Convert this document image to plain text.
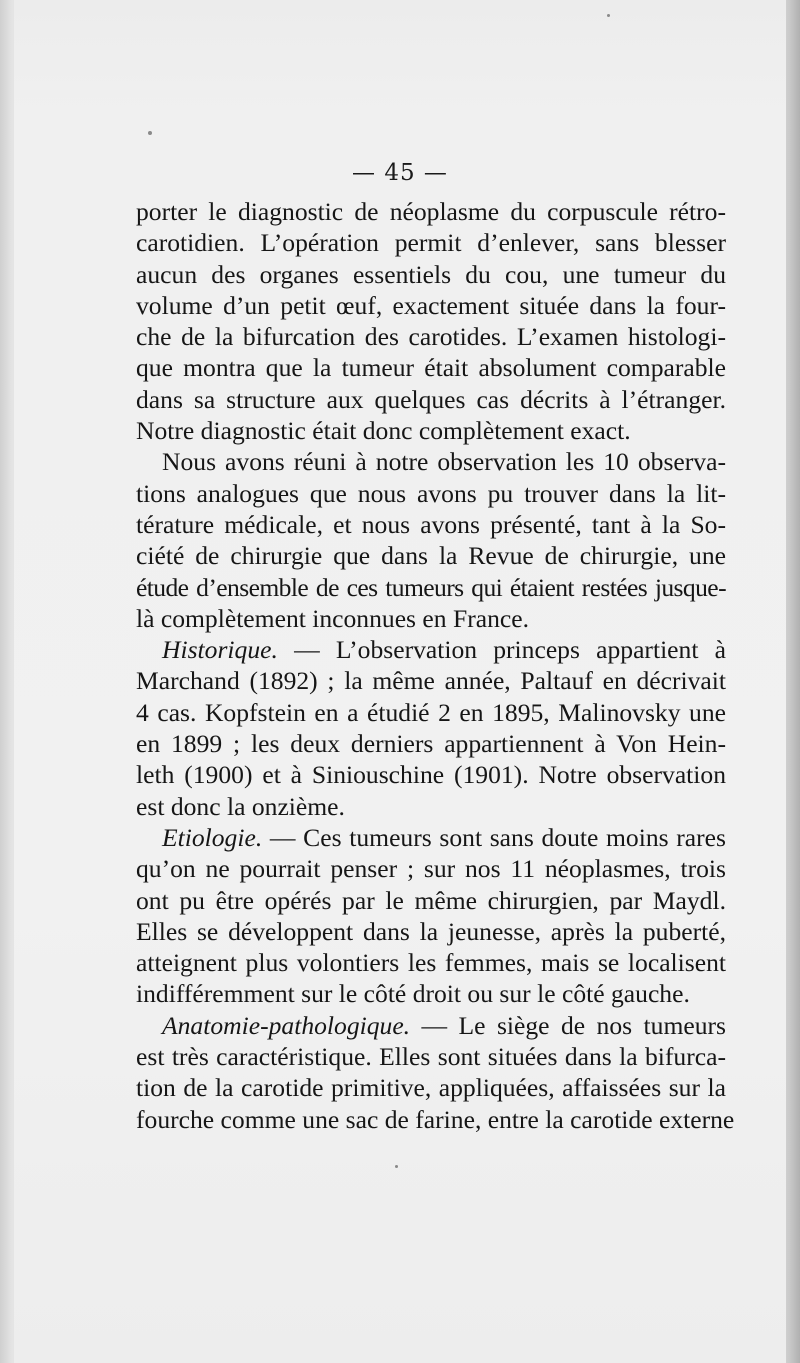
— 45 —
porter le diagnostic de néoplasme du corpuscule rétro-
carotidien. L’opération permit d’enlever, sans blesser
aucun des organes essentiels du cou, une tumeur du
volume d’un petit œuf, exactement située dans la four-
che de la bifurcation des carotides. L’examen histologi-
que montra que la tumeur était absolument comparable
dans sa structure aux quelques cas décrits à l’étranger.
Notre diagnostic était donc complètement exact.
Nous avons réuni à notre observation les 10 observa-
tions analogues que nous avons pu trouver dans la lit-
térature médicale, et nous avons présenté, tant à la So-
ciété de chirurgie que dans la Revue de chirurgie, une
étude d’ensemble de ces tumeurs qui étaient restées jusque-
là complètement inconnues en France.
Historique. — L’observation princeps appartient à
Marchand (1892) ; la même année, Paltauf en décrivait
4 cas. Kopfstein en a étudié 2 en 1895, Malinovsky une
en 1899 ; les deux derniers appartiennent à Von Hein-
leth (1900) et à Siniouschine (1901). Notre observation
est donc la onzième.
Etiologie. — Ces tumeurs sont sans doute moins rares
qu’on ne pourrait penser ; sur nos 11 néoplasmes, trois
ont pu être opérés par le même chirurgien, par Maydl.
Elles se développent dans la jeunesse, après la puberté,
atteignent plus volontiers les femmes, mais se localisent
indifféremment sur le côté droit ou sur le côté gauche.
Anatomie-pathologique. — Le siège de nos tumeurs
est très caractéristique. Elles sont situées dans la bifurca-
tion de la carotide primitive, appliquées, affaissées sur la
fourche comme une sac de farine, entre la carotide externe
